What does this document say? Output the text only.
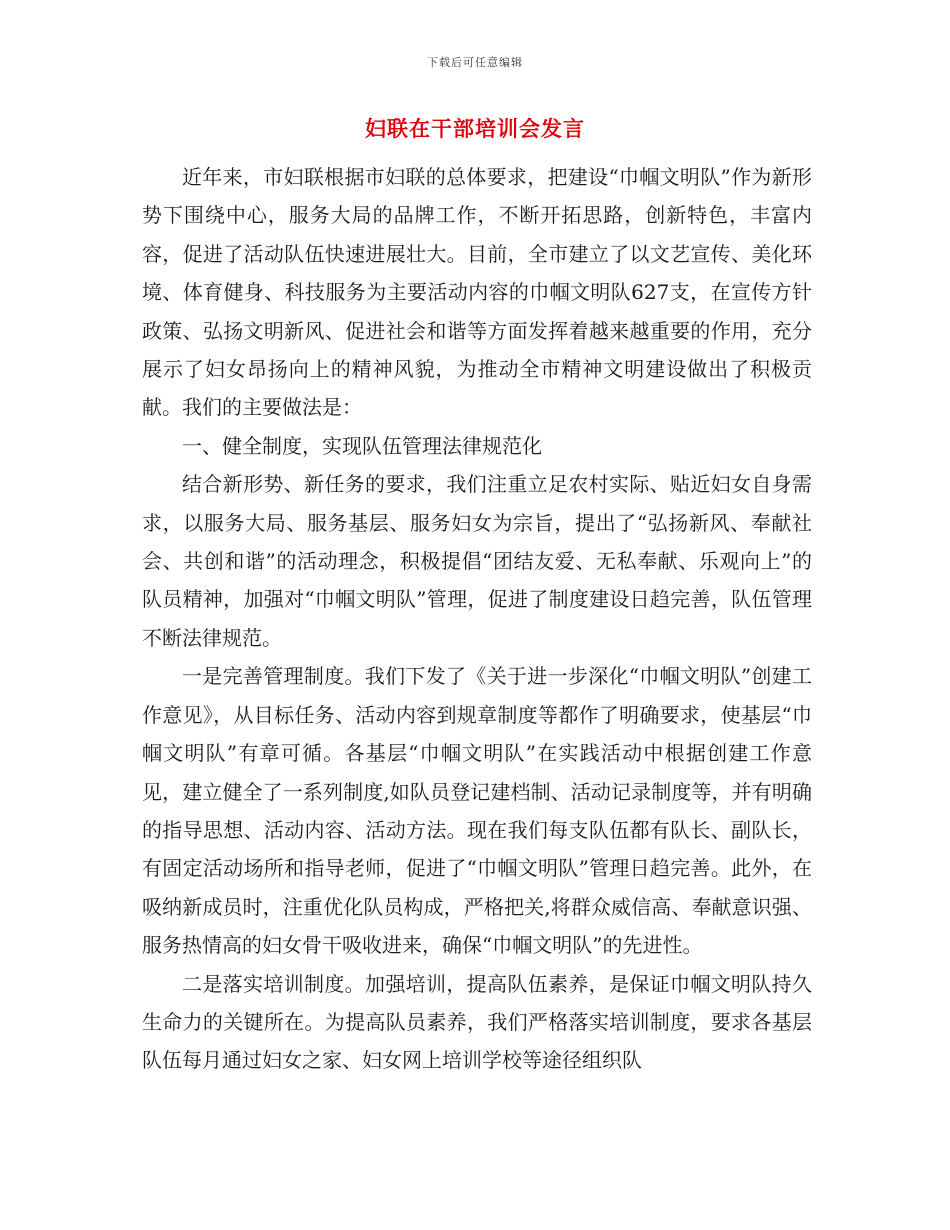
下载后可任意编辑
妇联在干部培训会发言

近年来，市妇联根据市妇联的总体要求，把建设“巾帼文明队”作为新形势下围绕中心，服务大局的品牌工作，不断开拓思路，创新特色，丰富内容，促进了活动队伍快速进展壮大。目前，全市建立了以文艺宣传、美化环境、体育健身、科技服务为主要活动内容的巾帼文明队627支，在宣传方针政策、弘扬文明新风、促进社会和谐等方面发挥着越来越重要的作用，充分展示了妇女昂扬向上的精神风貌，为推动全市精神文明建设做出了积极贡献。我们的主要做法是：

一、健全制度，实现队伍管理法律规范化

结合新形势、新任务的要求，我们注重立足农村实际、贴近妇女自身需求，以服务大局、服务基层、服务妇女为宗旨，提出了“弘扬新风、奉献社会、共创和谐”的活动理念，积极提倡“团结友爱、无私奉献、乐观向上”的队员精神，加强对“巾帼文明队”管理，促进了制度建设日趋完善，队伍管理不断法律规范。

一是完善管理制度。我们下发了《关于进一步深化“巾帼文明队”创建工作意见》，从目标任务、活动内容到规章制度等都作了明确要求，使基层“巾帼文明队”有章可循。各基层“巾帼文明队”在实践活动中根据创建工作意见，建立健全了一系列制度,如队员登记建档制、活动记录制度等，并有明确的指导思想、活动内容、活动方法。现在我们每支队伍都有队长、副队长，有固定活动场所和指导老师，促进了“巾帼文明队”管理日趋完善。此外，在吸纳新成员时，注重优化队员构成，严格把关,将群众威信高、奉献意识强、服务热情高的妇女骨干吸收进来，确保“巾帼文明队”的先进性。

二是落实培训制度。加强培训，提高队伍素养，是保证巾帼文明队持久生命力的关键所在。为提高队员素养，我们严格落实培训制度，要求各基层队伍每月通过妇女之家、妇女网上培训学校等途径组织队
